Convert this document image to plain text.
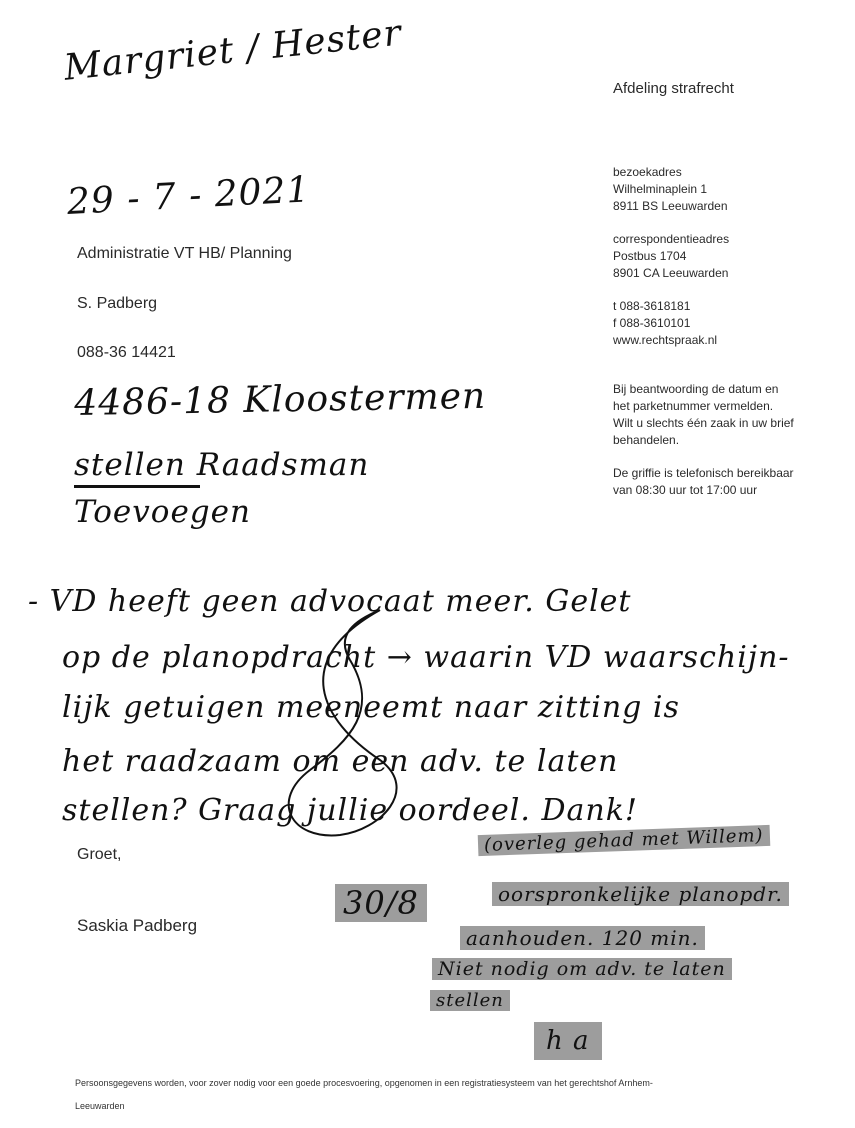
Margriet / Hester
29 - 7 - 2021
Afdeling strafrecht
bezoekadres
Wilhelminaplein 1
8911 BS Leeuwarden
correspondentieadres
Postbus 1704
8901 CA Leeuwarden
t 088-3618181
f 088-3610101
www.rechtspraak.nl
Bij beantwoording de datum en
het parketnummer vermelden.
Wilt u slechts één zaak in uw brief
behandelen.
De griffie is telefonisch bereikbaar
van 08:30 uur tot 17:00 uur
Administratie VT HB/ Planning
S. Padberg
088-36 14421
4486-18 Kloostermen
stellen Raadsman
Toevoegen
- VD heeft geen advocaat meer. Gelet
op de planopdracht → waarin VD waarschijn-
lijk getuigen meeneemt naar zitting is
het raadzaam om een adv. te laten
stellen? Graag jullie oordeel. Dank!
Groet,
Saskia Padberg
(overleg gehad met Willem)
30/8	oorspronkelijke planopdr.
aanhouden. 120 min.
Niet nodig om adv. te laten
stellen
h a
Persoonsgegevens worden, voor zover nodig voor een goede procesvoering, opgenomen in een registratiesysteem van het gerechtshof Arnhem-
Leeuwarden
